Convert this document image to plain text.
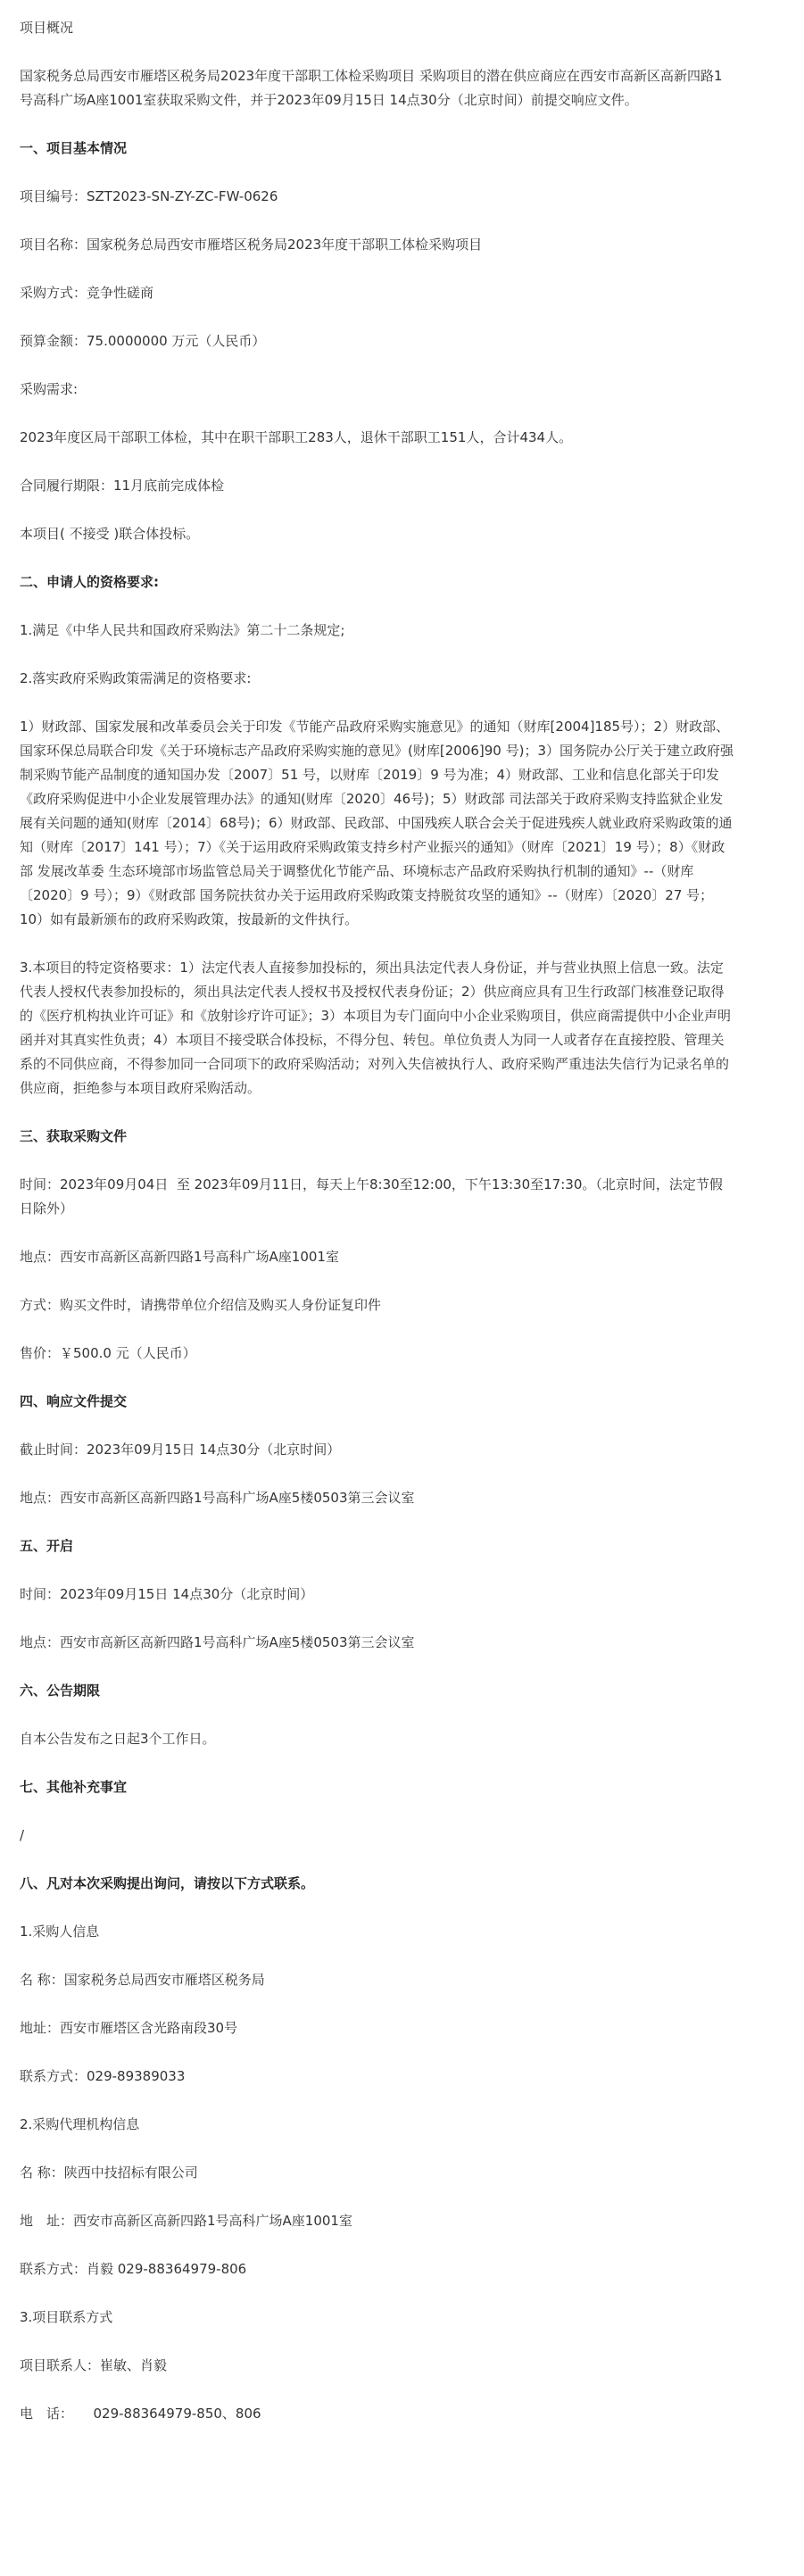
项目概况

国家税务总局西安市雁塔区税务局2023年度干部职工体检采购项目 采购项目的潜在供应商应在西安市高新区高新四路1号高科广场A座1001室获取采购文件，并于2023年09月15日 14点30分（北京时间）前提交响应文件。

一、项目基本情况

项目编号：SZT2023-SN-ZY-ZC-FW-0626

项目名称：国家税务总局西安市雁塔区税务局2023年度干部职工体检采购项目

采购方式：竞争性磋商

预算金额：75.0000000 万元（人民币）

采购需求:

2023年度区局干部职工体检，其中在职干部职工283人，退休干部职工151人，合计434人。

合同履行期限：11月底前完成体检

本项目( 不接受 )联合体投标。

二、申请人的资格要求:

1.满足《中华人民共和国政府采购法》第二十二条规定;

2.落实政府采购政策需满足的资格要求:

1）财政部、国家发展和改革委员会关于印发《节能产品政府采购实施意见》的通知（财库[2004]185号）；2）财政部、国家环保总局联合印发《关于环境标志产品政府采购实施的意见》(财库[2006]90 号)；3）国务院办公厅关于建立政府强制采购节能产品制度的通知国办发〔2007〕51 号，以财库〔2019〕9 号为准；4）财政部、工业和信息化部关于印发《政府采购促进中小企业发展管理办法》的通知(财库〔2020〕46号)；5）财政部 司法部关于政府采购支持监狱企业发展有关问题的通知(财库〔2014〕68号)；6）财政部、民政部、中国残疾人联合会关于促进残疾人就业政府采购政策的通知（财库〔2017〕141 号）；7）《关于运用政府采购政策支持乡村产业振兴的通知》（财库〔2021〕19 号）；8）《财政部 发展改革委 生态环境部市场监管总局关于调整优化节能产品、环境标志产品政府采购执行机制的通知》--（财库〔2020〕9 号）；9）《财政部 国务院扶贫办关于运用政府采购政策支持脱贫攻坚的通知》--（财库）〔2020〕27 号；10）如有最新颁布的政府采购政策，按最新的文件执行。

3.本项目的特定资格要求：1）法定代表人直接参加投标的，须出具法定代表人身份证，并与营业执照上信息一致。法定代表人授权代表参加投标的，须出具法定代表人授权书及授权代表身份证；2）供应商应具有卫生行政部门核准登记取得的《医疗机构执业许可证》和《放射诊疗许可证》；3）本项目为专门面向中小企业采购项目，供应商需提供中小企业声明函并对其真实性负责；4）本项目不接受联合体投标，不得分包、转包。单位负责人为同一人或者存在直接控股、管理关系的不同供应商，不得参加同一合同项下的政府采购活动；对列入失信被执行人、政府采购严重违法失信行为记录名单的供应商，拒绝参与本项目政府采购活动。

三、获取采购文件

时间：2023年09月04日  至 2023年09月11日，每天上午8:30至12:00，下午13:30至17:30。（北京时间，法定节假日除外）

地点：西安市高新区高新四路1号高科广场A座1001室

方式：购买文件时，请携带单位介绍信及购买人身份证复印件

售价：￥500.0 元（人民币）

四、响应文件提交

截止时间：2023年09月15日 14点30分（北京时间）

地点：西安市高新区高新四路1号高科广场A座5楼0503第三会议室

五、开启

时间：2023年09月15日 14点30分（北京时间）

地点：西安市高新区高新四路1号高科广场A座5楼0503第三会议室

六、公告期限

自本公告发布之日起3个工作日。

七、其他补充事宜

/

八、凡对本次采购提出询问，请按以下方式联系。

1.采购人信息

名 称：国家税务总局西安市雁塔区税务局

地址：西安市雁塔区含光路南段30号

联系方式：029-89389033

2.采购代理机构信息

名 称：陕西中技招标有限公司

地　址：西安市高新区高新四路1号高科广场A座1001室

联系方式：肖毅 029-88364979-806

3.项目联系方式

项目联系人：崔敏、肖毅

电　话：　　029-88364979-850、806
